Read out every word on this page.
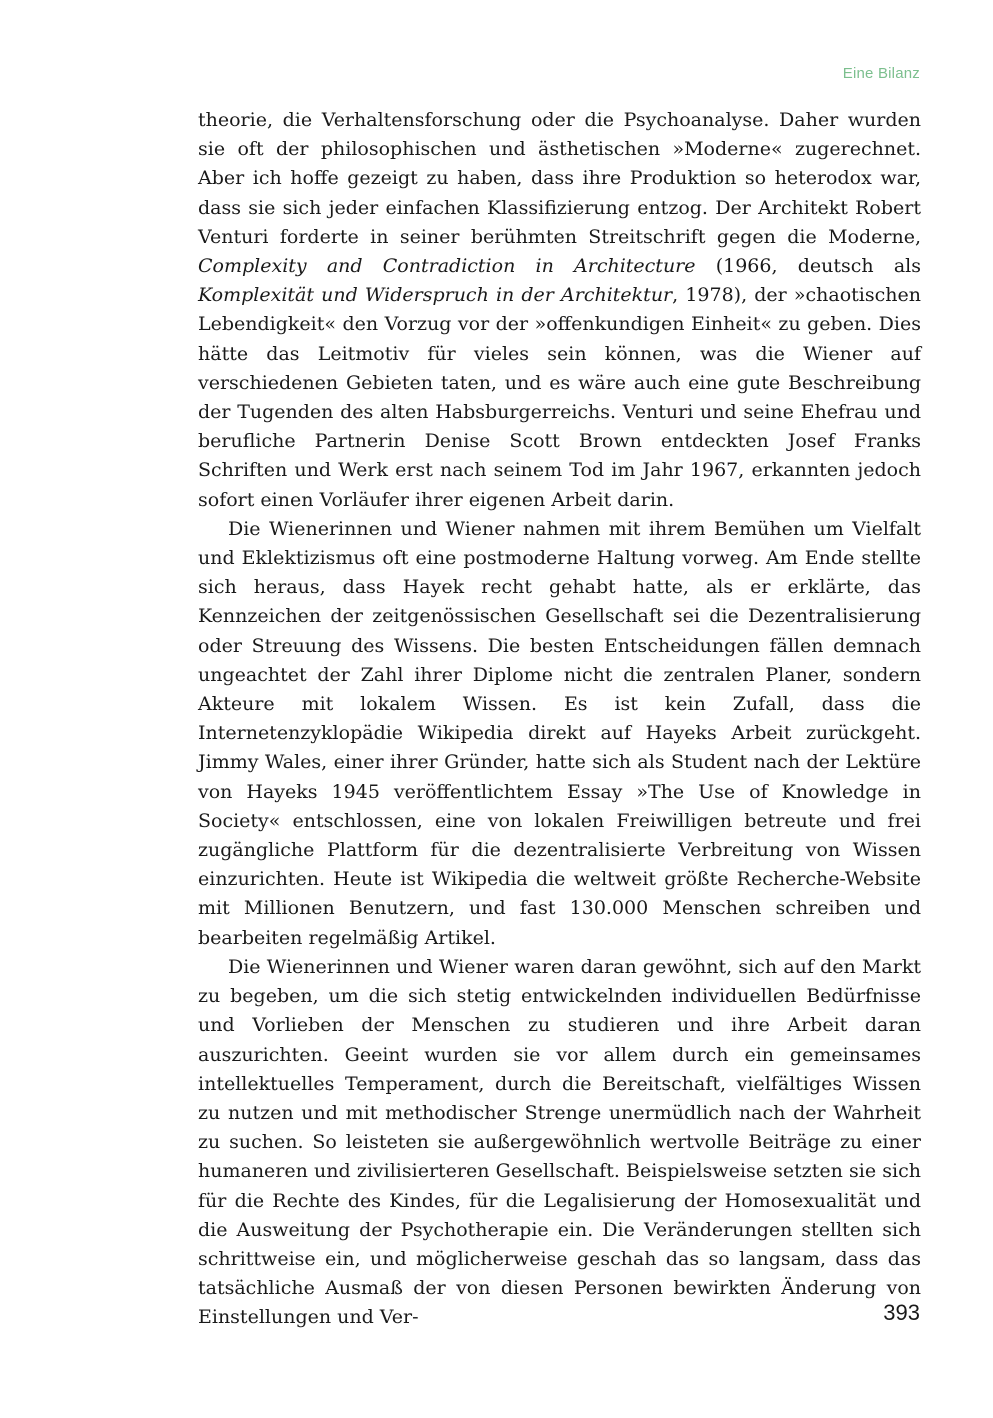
Eine Bilanz

theorie, die Verhaltensforschung oder die Psychoanalyse. Daher wurden sie oft der philosophischen und ästhetischen »Moderne« zugerechnet. Aber ich hoffe gezeigt zu haben, dass ihre Produktion so heterodox war, dass sie sich jeder einfachen Klassifizierung entzog. Der Architekt Robert Venturi forderte in seiner berühmten Streitschrift gegen die Moderne, Complexity and Contradiction in Architecture (1966, deutsch als Komplexität und Widerspruch in der Architektur, 1978), der »chaotischen Lebendigkeit« den Vorzug vor der »offenkundigen Einheit« zu geben. Dies hätte das Leitmotiv für vieles sein können, was die Wiener auf verschiedenen Gebieten taten, und es wäre auch eine gute Beschreibung der Tugenden des alten Habsburgerreichs. Venturi und seine Ehefrau und berufliche Partnerin Denise Scott Brown entdeckten Josef Franks Schriften und Werk erst nach seinem Tod im Jahr 1967, erkannten jedoch sofort einen Vorläufer ihrer eigenen Arbeit darin.

Die Wienerinnen und Wiener nahmen mit ihrem Bemühen um Vielfalt und Eklektizismus oft eine postmoderne Haltung vorweg. Am Ende stellte sich heraus, dass Hayek recht gehabt hatte, als er erklärte, das Kennzeichen der zeitgenössischen Gesellschaft sei die Dezentralisierung oder Streuung des Wissens. Die besten Entscheidungen fällen demnach ungeachtet der Zahl ihrer Diplome nicht die zentralen Planer, sondern Akteure mit lokalem Wissen. Es ist kein Zufall, dass die Internetenzyklopädie Wikipedia direkt auf Hayeks Arbeit zurückgeht. Jimmy Wales, einer ihrer Gründer, hatte sich als Student nach der Lektüre von Hayeks 1945 veröffentlichtem Essay »The Use of Knowledge in Society« entschlossen, eine von lokalen Freiwilligen betreute und frei zugängliche Plattform für die dezentralisierte Verbreitung von Wissen einzurichten. Heute ist Wikipedia die weltweit größte Recherche-Website mit Millionen Benutzern, und fast 130.000 Menschen schreiben und bearbeiten regelmäßig Artikel.

Die Wienerinnen und Wiener waren daran gewöhnt, sich auf den Markt zu begeben, um die sich stetig entwickelnden individuellen Bedürfnisse und Vorlieben der Menschen zu studieren und ihre Arbeit daran auszurichten. Geeint wurden sie vor allem durch ein gemeinsames intellektuelles Temperament, durch die Bereitschaft, vielfältiges Wissen zu nutzen und mit methodischer Strenge unermüdlich nach der Wahrheit zu suchen. So leisteten sie außergewöhnlich wertvolle Beiträge zu einer humaneren und zivilisierteren Gesellschaft. Beispielsweise setzten sie sich für die Rechte des Kindes, für die Legalisierung der Homosexualität und die Ausweitung der Psychotherapie ein. Die Veränderungen stellten sich schrittweise ein, und möglicherweise geschah das so langsam, dass das tatsächliche Ausmaß der von diesen Personen bewirkten Änderung von Einstellungen und Ver-	393
